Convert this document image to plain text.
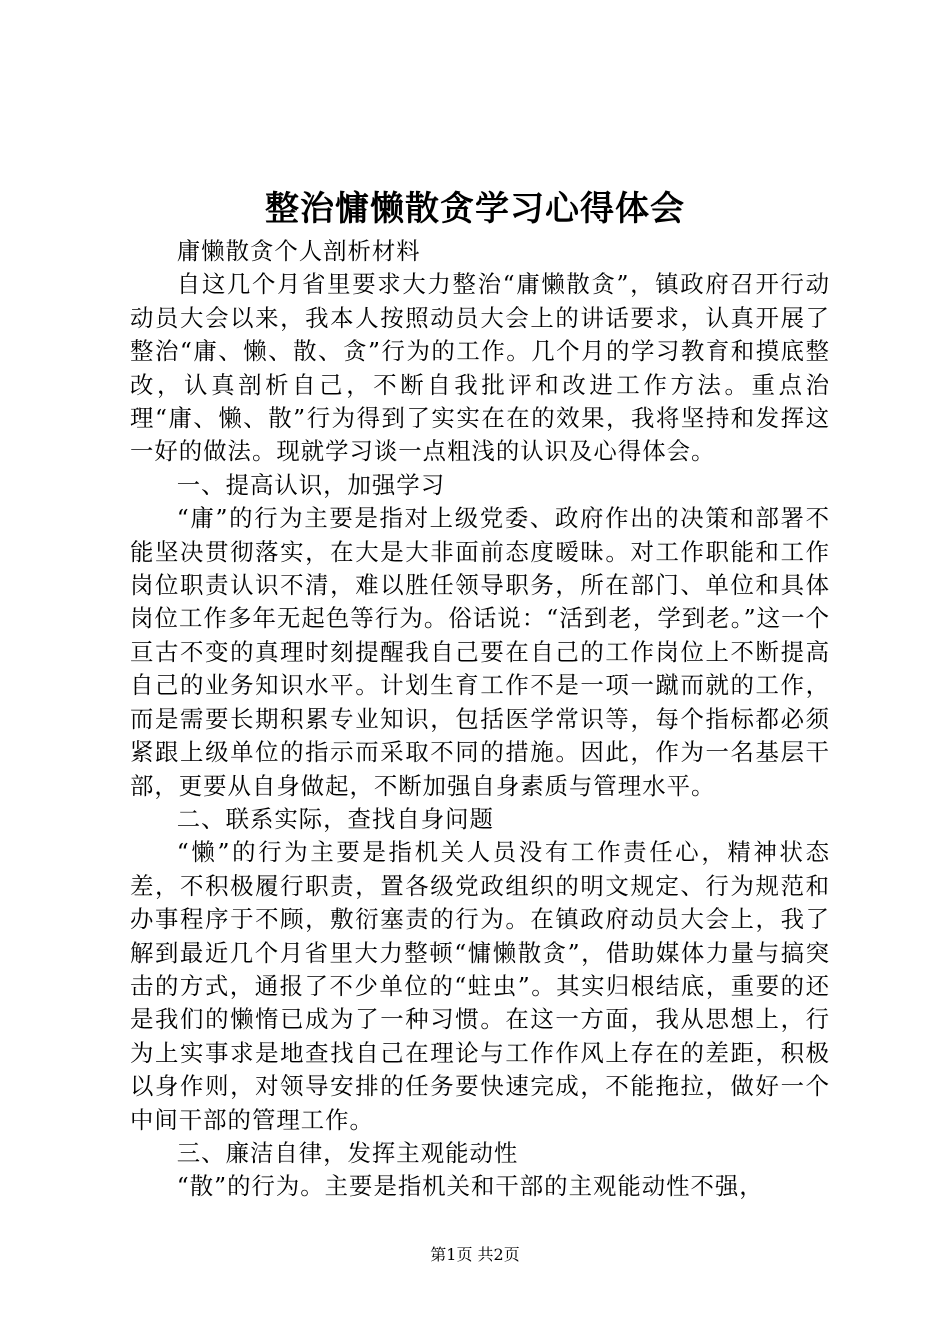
整治慵懒散贪学习心得体会

庸懒散贪个人剖析材料

自这几个月省里要求大力整治“庸懒散贪”，镇政府召开行动动员大会以来，我本人按照动员大会上的讲话要求，认真开展了整治“庸、懒、散、贪”行为的工作。几个月的学习教育和摸底整改，认真剖析自己，不断自我批评和改进工作方法。重点治理“庸、懒、散”行为得到了实实在在的效果，我将坚持和发挥这一好的做法。现就学习谈一点粗浅的认识及心得体会。

一、提高认识，加强学习

“庸”的行为主要是指对上级党委、政府作出的决策和部署不能坚决贯彻落实，在大是大非面前态度暧昧。对工作职能和工作岗位职责认识不清，难以胜任领导职务，所在部门、单位和具体岗位工作多年无起色等行为。俗话说：“活到老，学到老。”这一个亘古不变的真理时刻提醒我自己要在自己的工作岗位上不断提高自己的业务知识水平。计划生育工作不是一项一蹴而就的工作，而是需要长期积累专业知识，包括医学常识等，每个指标都必须紧跟上级单位的指示而采取不同的措施。因此，作为一名基层干部，更要从自身做起，不断加强自身素质与管理水平。

二、联系实际，查找自身问题

“懒”的行为主要是指机关人员没有工作责任心，精神状态差，不积极履行职责，置各级党政组织的明文规定、行为规范和办事程序于不顾，敷衍塞责的行为。在镇政府动员大会上，我了解到最近几个月省里大力整顿“慵懒散贪”，借助媒体力量与搞突击的方式，通报了不少单位的“蛀虫”。其实归根结底，重要的还是我们的懒惰已成为了一种习惯。在这一方面，我从思想上，行为上实事求是地查找自己在理论与工作作风上存在的差距，积极以身作则，对领导安排的任务要快速完成，不能拖拉，做好一个中间干部的管理工作。

三、廉洁自律，发挥主观能动性

“散”的行为。主要是指机关和干部的主观能动性不强，

第1页 共2页
